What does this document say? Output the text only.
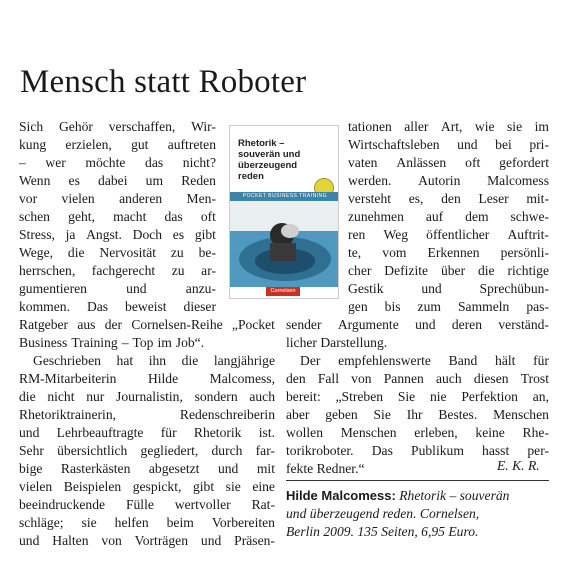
Mensch statt Roboter
Sich Gehör verschaffen, Wir-
kung erzielen, gut auftreten
– wer möchte das nicht?
Wenn es dabei um Reden
vor vielen anderen Men-
schen geht, macht das oft
Stress, ja Angst. Doch es gibt
Wege, die Nervosität zu be-
herrschen, fachgerecht zu ar-
gumentieren	und	anzu-
kommen. Das beweist dieser
Ratgeber aus der Cornelsen-Reihe „Pocket
Business Training – Top im Job“.
Geschrieben hat ihn die langjährige
RM-Mitarbeiterin Hilde Malcomess,
die nicht nur Journalistin, sondern auch
Rhetoriktrainerin,	Redenschreiberin
und Lehrbeauftragte für Rhetorik ist.
Sehr übersichtlich gegliedert, durch far-
bige Rasterkästen abgesetzt und mit
vielen Beispielen gespickt, gibt sie eine
beeindruckende Fülle wertvoller Rat-
schläge; sie helfen beim Vorbereiten
und Halten von Vorträgen und Präsen-
tationen aller Art, wie sie im
Wirtschaftsleben und bei pri-
vaten Anlässen oft gefordert
werden. Autorin Malcomess
versteht es, den Leser mit-
zunehmen auf dem schwe-
ren Weg öffentlicher Auftrit-
te, vom Erkennen persönli-
cher Defizite über die richtige
Gestik	und	Sprechübun-
gen bis zum Sammeln pas-
sender Argumente und deren verständ-
licher Darstellung.
Der empfehlenswerte Band hält für
den Fall von Pannen auch diesen Trost
bereit: „Streben Sie nie Perfektion an,
aber geben Sie Ihr Bestes. Menschen
wollen Menschen erleben, keine Rhe-
torikroboter. Das Publikum hasst per-
fekte Redner.“
Rhetorik –
souverän und
überzeugend
reden
POCKET BUSINESS TRAINING
Cornelsen
E. K. R.
Hilde Malcomess: Rhetorik – souverän
und überzeugend reden. Cornelsen,
Berlin 2009. 135 Seiten, 6,95 Euro.
